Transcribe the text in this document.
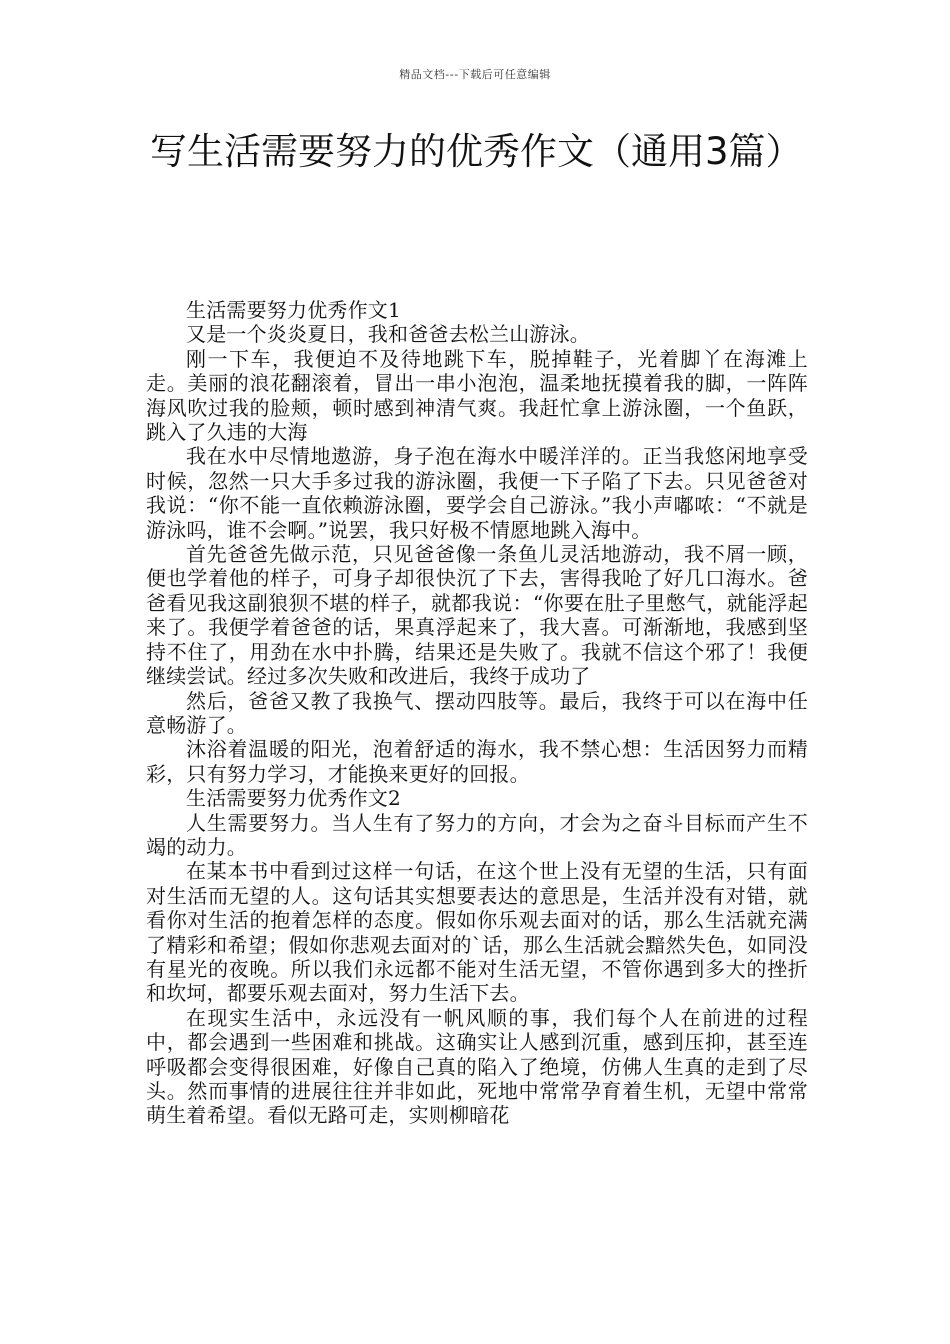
精品文档---下载后可任意编辑
写生活需要努力的优秀作文（通用3篇）

生活需要努力优秀作文1

又是一个炎炎夏日，我和爸爸去松兰山游泳。

刚一下车，我便迫不及待地跳下车，脱掉鞋子，光着脚丫在海滩上走。美丽的浪花翻滚着，冒出一串小泡泡，温柔地抚摸着我的脚，一阵阵海风吹过我的脸颊，顿时感到神清气爽。我赶忙拿上游泳圈，一个鱼跃，跳入了久违的大海

我在水中尽情地遨游，身子泡在海水中暖洋洋的。正当我悠闲地享受时候，忽然一只大手多过我的游泳圈，我便一下子陷了下去。只见爸爸对我说：“你不能一直依赖游泳圈，要学会自己游泳。”我小声嘟哝：“不就是游泳吗，谁不会啊。”说罢，我只好极不情愿地跳入海中。

首先爸爸先做示范，只见爸爸像一条鱼儿灵活地游动，我不屑一顾，便也学着他的样子，可身子却很快沉了下去，害得我呛了好几口海水。爸爸看见我这副狼狈不堪的样子，就都我说：“你要在肚子里憋气，就能浮起来了。我便学着爸爸的话，果真浮起来了，我大喜。可渐渐地，我感到坚持不住了，用劲在水中扑腾，结果还是失败了。我就不信这个邪了！我便继续尝试。经过多次失败和改进后，我终于成功了

然后，爸爸又教了我换气、摆动四肢等。最后，我终于可以在海中任意畅游了。

沐浴着温暖的阳光，泡着舒适的海水，我不禁心想：生活因努力而精彩，只有努力学习，才能换来更好的回报。

生活需要努力优秀作文2

人生需要努力。当人生有了努力的方向，才会为之奋斗目标而产生不竭的动力。

在某本书中看到过这样一句话，在这个世上没有无望的生活，只有面对生活而无望的人。这句话其实想要表达的意思是，生活并没有对错，就看你对生活的抱着怎样的态度。假如你乐观去面对的话，那么生活就充满了精彩和希望；假如你悲观去面对的`话，那么生活就会黯然失色，如同没有星光的夜晚。所以我们永远都不能对生活无望，不管你遇到多大的挫折和坎坷，都要乐观去面对，努力生活下去。

在现实生活中，永远没有一帆风顺的事，我们每个人在前进的过程中，都会遇到一些困难和挑战。这确实让人感到沉重，感到压抑，甚至连呼吸都会变得很困难，好像自己真的陷入了绝境，仿佛人生真的走到了尽头。然而事情的进展往往并非如此，死地中常常孕育着生机，无望中常常萌生着希望。看似无路可走，实则柳暗花
